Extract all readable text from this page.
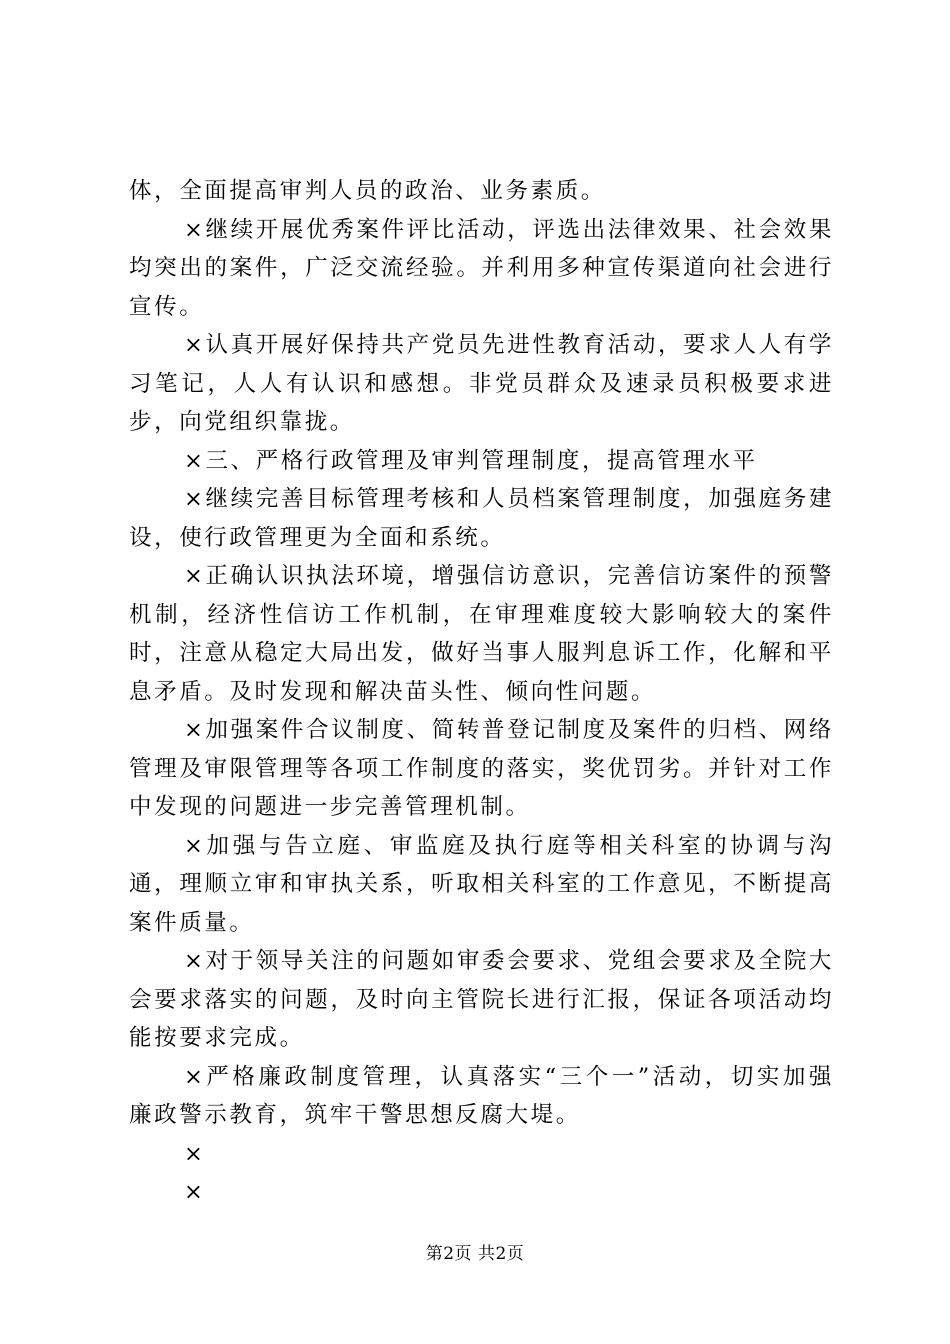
体，全面提高审判人员的政治、业务素质。

×继续开展优秀案件评比活动，评选出法律效果、社会效果均突出的案件，广泛交流经验。并利用多种宣传渠道向社会进行宣传。

×认真开展好保持共产党员先进性教育活动，要求人人有学习笔记，人人有认识和感想。非党员群众及速录员积极要求进步，向党组织靠拢。

×三、严格行政管理及审判管理制度，提高管理水平

×继续完善目标管理考核和人员档案管理制度，加强庭务建设，使行政管理更为全面和系统。

×正确认识执法环境，增强信访意识，完善信访案件的预警机制，经济性信访工作机制，在审理难度较大影响较大的案件时，注意从稳定大局出发，做好当事人服判息诉工作，化解和平息矛盾。及时发现和解决苗头性、倾向性问题。

×加强案件合议制度、简转普登记制度及案件的归档、网络管理及审限管理等各项工作制度的落实，奖优罚劣。并针对工作中发现的问题进一步完善管理机制。

×加强与告立庭、审监庭及执行庭等相关科室的协调与沟通，理顺立审和审执关系，听取相关科室的工作意见，不断提高案件质量。

×对于领导关注的问题如审委会要求、党组会要求及全院大会要求落实的问题，及时向主管院长进行汇报，保证各项活动均能按要求完成。

×严格廉政制度管理，认真落实“三个一”活动，切实加强廉政警示教育，筑牢干警思想反腐大堤。

×

×

第2页 共2页
